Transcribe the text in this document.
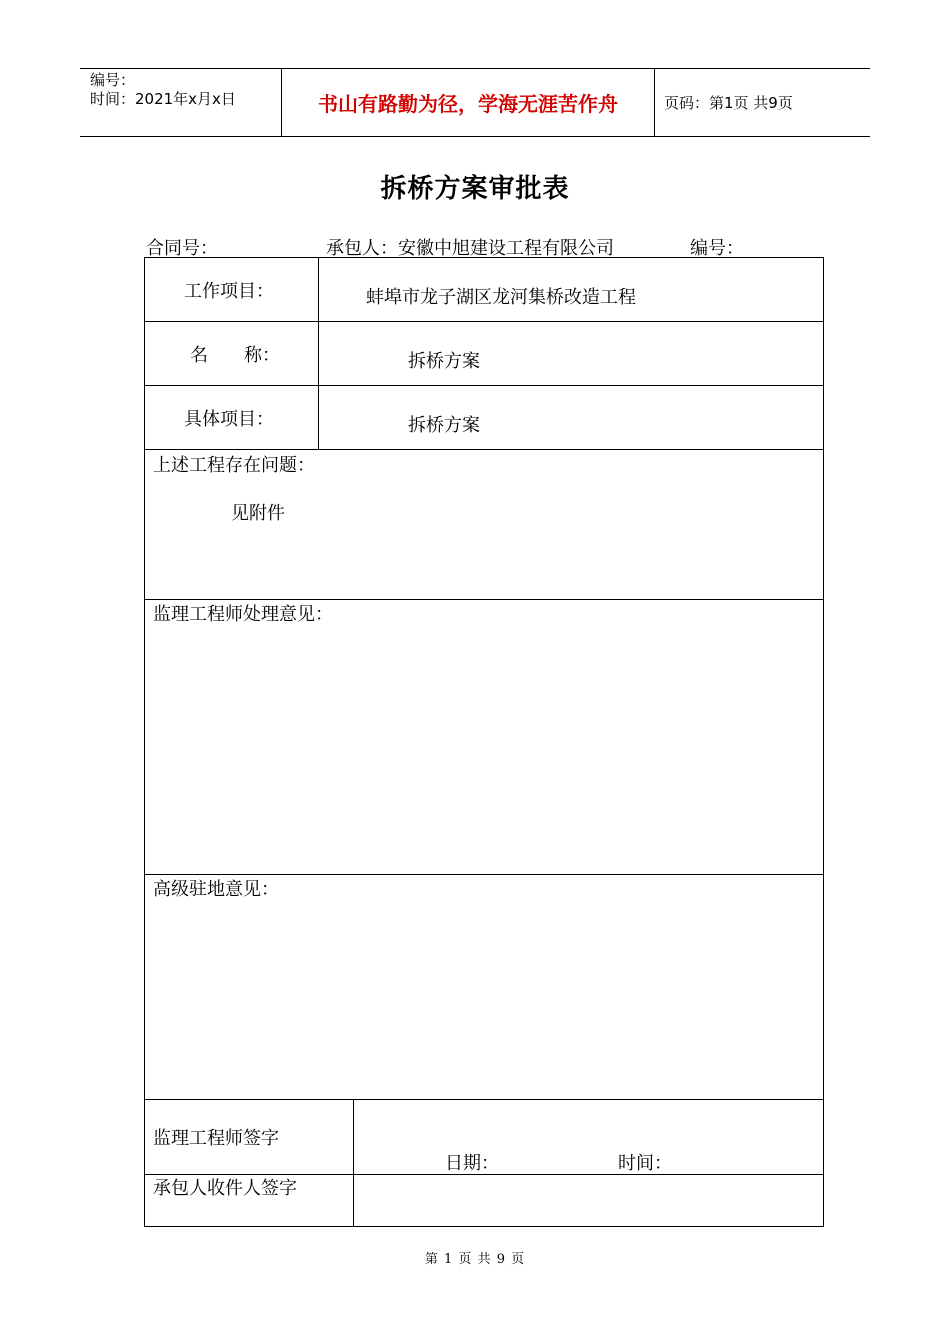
编号：
时间：2021年x月x日	书山有路勤为径，学海无涯苦作舟	页码：第1页 共9页
拆桥方案审批表
合同号：	承包人：安徽中旭建设工程有限公司	编号：
工作项目：	蚌埠市龙子湖区龙河集桥改造工程
名　　称：	拆桥方案
具体项目：	拆桥方案
上述工程存在问题：
见附件
监理工程师处理意见：
高级驻地意见：
监理工程师签字
日期：	时间：
承包人收件人签字
第 1 页 共 9 页
